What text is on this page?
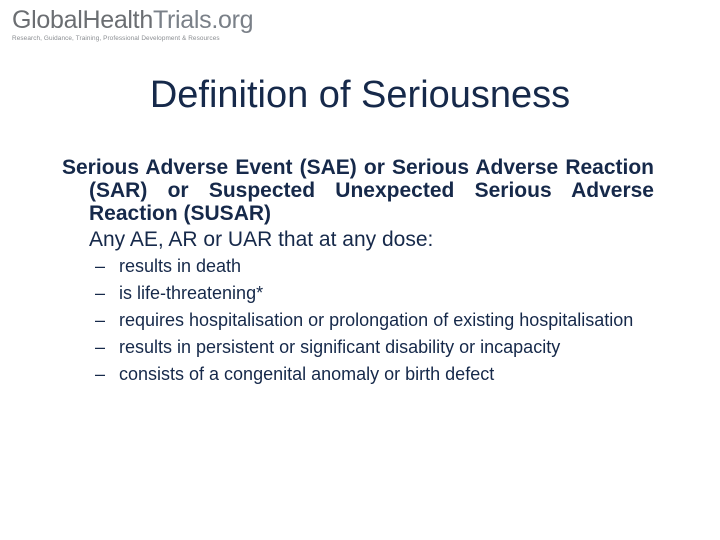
GlobalHealthTrials.org
Research, Guidance, Training, Professional Development & Resources
Definition of Seriousness

Serious Adverse Event (SAE) or Serious Adverse Reaction (SAR) or Suspected Unexpected Serious Adverse Reaction (SUSAR)
Any AE, AR or UAR that at any dose:

– results in death
– is life-threatening*
– requires hospitalisation or prolongation of existing hospitalisation
– results in persistent or significant disability or incapacity
– consists of a congenital anomaly or birth defect
